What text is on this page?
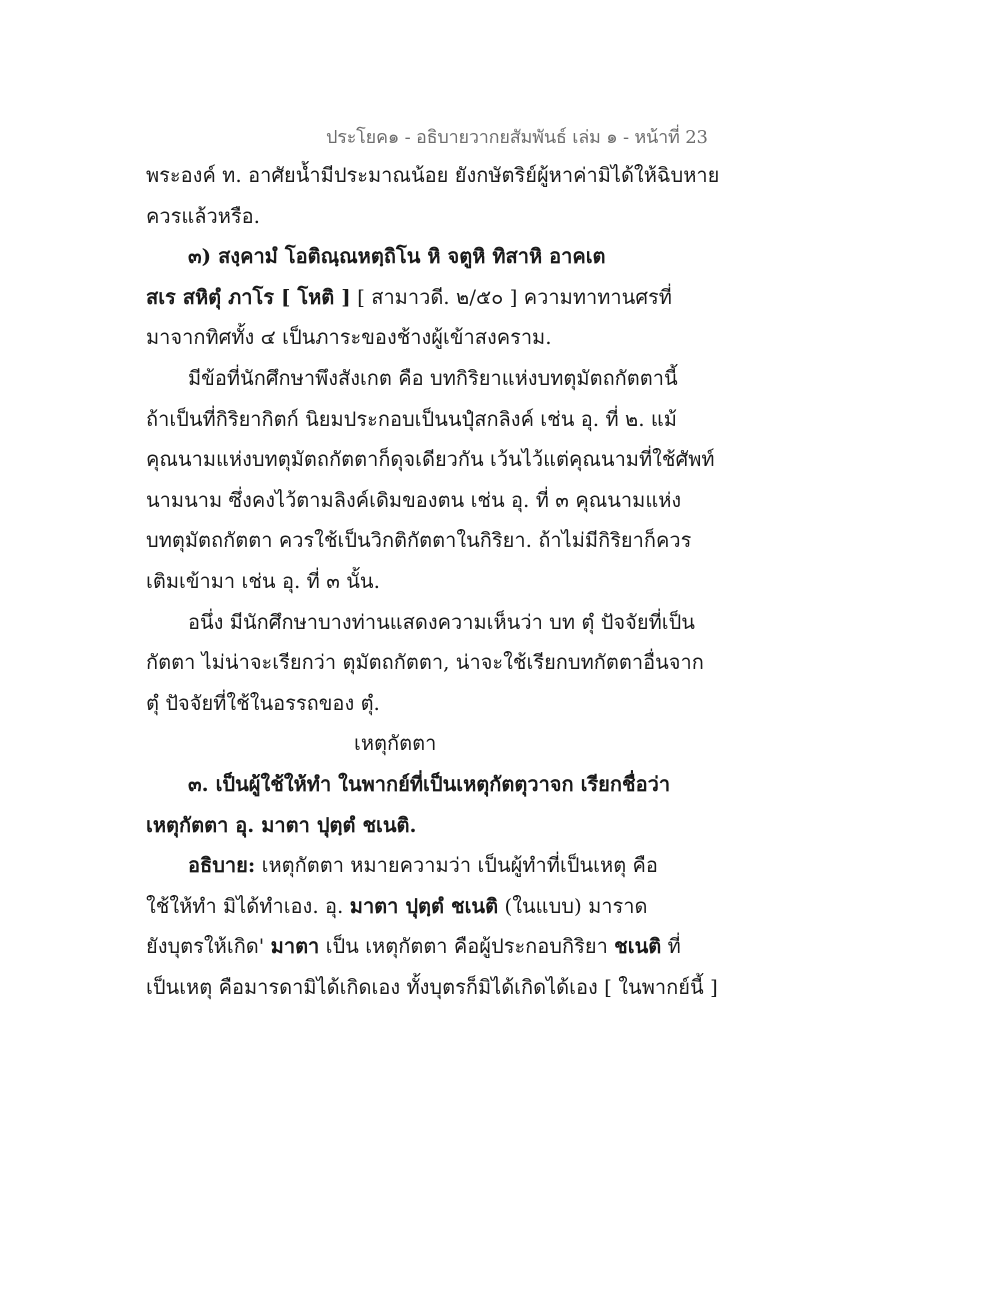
ประโยค๑ - อธิบายวากยสัมพันธ์ เล่ม ๑ - หน้าที่ 23
พระองค์ ท. อาศัยน้ำมีประมาณน้อย ยังกษัตริย์ผู้หาค่ามิได้ให้ฉิบหาย
ควรแล้วหรือ.
๓) สงฺคามํ โอติณฺณหตฺถิโน หิ จตูหิ ทิสาหิ อาคเต
สเร สหิตุํ ภาโร [ โหติ ] [ สามาวดี. ๒/๕๐ ] ความทาทานศรที่
มาจากทิศทั้ง ๔ เป็นภาระของช้างผู้เข้าสงคราม.
มีข้อที่นักศึกษาพึงสังเกต คือ บทกิริยาแห่งบทตุมัตถกัตตานี้
ถ้าเป็นที่กิริยากิตก์ นิยมประกอบเป็นนปุํสกลิงค์ เช่น อุ. ที่ ๒. แม้
คุณนามแห่งบทตุมัตถกัตตาก็ดุจเดียวกัน เว้นไว้แต่คุณนามที่ใช้ศัพท์
นามนาม ซึ่งคงไว้ตามลิงค์เดิมของตน เช่น อุ. ที่ ๓ คุณนามแห่ง
บทตุมัตถกัตตา ควรใช้เป็นวิกติกัตตาในกิริยา. ถ้าไม่มีกิริยาก็ควร
เติมเข้ามา เช่น อุ. ที่ ๓ นั้น.
อนึ่ง มีนักศึกษาบางท่านแสดงความเห็นว่า บท ตุํ ปัจจัยที่เป็น
กัตตา ไม่น่าจะเรียกว่า ตุมัตถกัตตา, น่าจะใช้เรียกบทกัตตาอื่นจาก
ตุํ ปัจจัยที่ใช้ในอรรถของ ตุํ.
เหตุกัตตา
๓. เป็นผู้ใช้ให้ทำ ในพากย์ที่เป็นเหตุกัตตุวาจก เรียกชื่อว่า
เหตุกัตตา อุ. มาตา ปุตฺตํ ชเนติ.
อธิบาย: เหตุกัตตา หมายความว่า เป็นผู้ทำที่เป็นเหตุ คือ
ใช้ให้ทำ มิได้ทำเอง. อุ. มาตา ปุตฺตํ ชเนติ (ในแบบ) มาราด
ยังบุตรให้เกิด' มาตา เป็น เหตุกัตตา คือผู้ประกอบกิริยา ชเนติ ที่
เป็นเหตุ คือมารดามิได้เกิดเอง ทั้งบุตรก็มิได้เกิดได้เอง [ ในพากย์นี้ ]
